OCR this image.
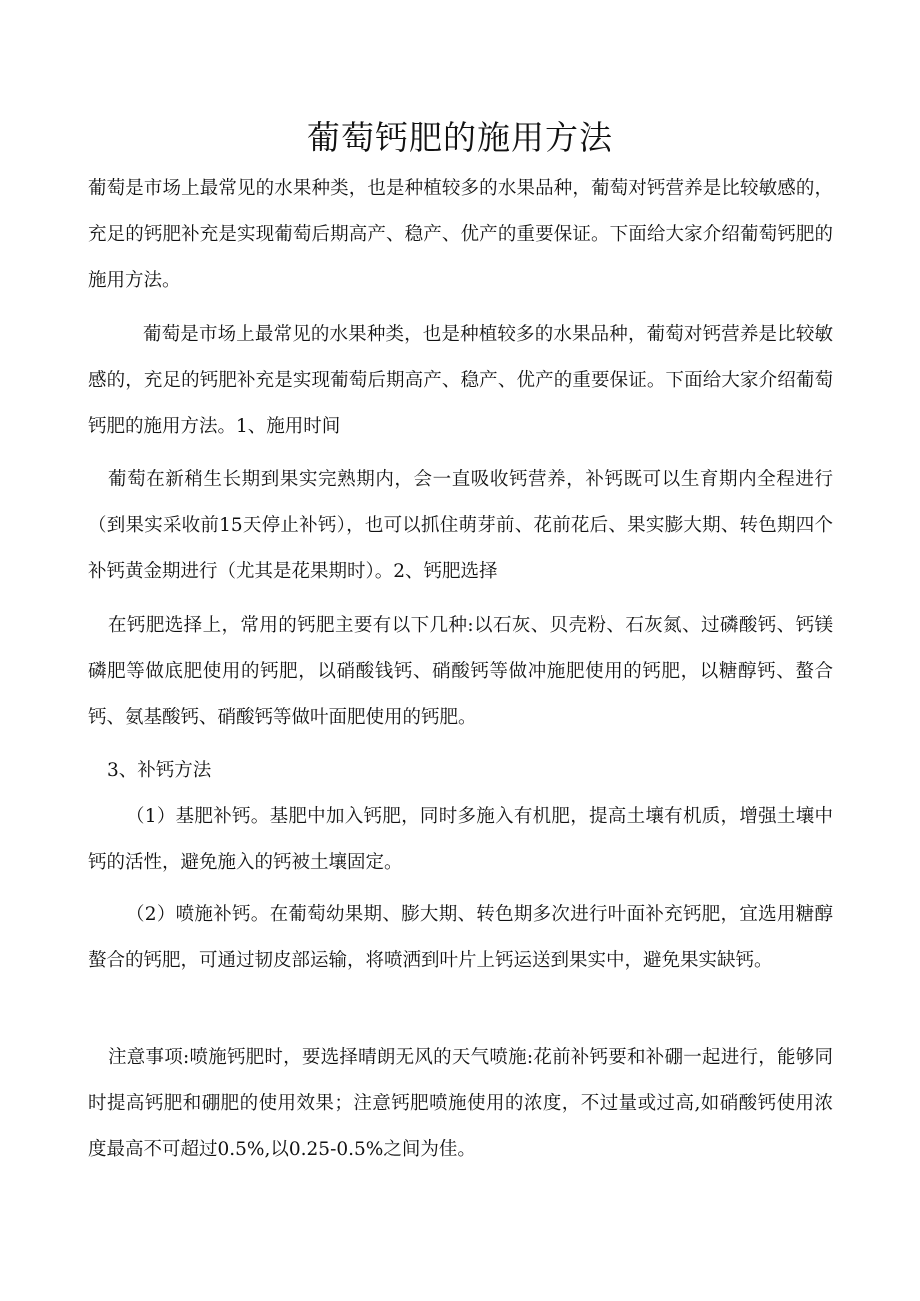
葡萄钙肥的施用方法

葡萄是市场上最常见的水果种类，也是种植较多的水果品种，葡萄对钙营养是比较敏感的，充足的钙肥补充是实现葡萄后期高产、稳产、优产的重要保证。下面给大家介绍葡萄钙肥的施用方法。

葡萄是市场上最常见的水果种类，也是种植较多的水果品种，葡萄对钙营养是比较敏感的，充足的钙肥补充是实现葡萄后期高产、稳产、优产的重要保证。下面给大家介绍葡萄钙肥的施用方法。1、施用时间

葡萄在新稍生长期到果实完熟期内，会一直吸收钙营养，补钙既可以生育期内全程进行（到果实采收前15天停止补钙），也可以抓住萌芽前、花前花后、果实膨大期、转色期四个补钙黄金期进行（尤其是花果期时）。2、钙肥选择

在钙肥选择上，常用的钙肥主要有以下几种:以石灰、贝壳粉、石灰氮、过磷酸钙、钙镁磷肥等做底肥使用的钙肥，以硝酸钱钙、硝酸钙等做冲施肥使用的钙肥，以糖醇钙、螯合钙、氨基酸钙、硝酸钙等做叶面肥使用的钙肥。

3、补钙方法

（1）基肥补钙。基肥中加入钙肥，同时多施入有机肥，提高土壤有机质，增强土壤中钙的活性，避免施入的钙被土壤固定。

（2）喷施补钙。在葡萄幼果期、膨大期、转色期多次进行叶面补充钙肥，宜选用糖醇螯合的钙肥，可通过韧皮部运输，将喷洒到叶片上钙运送到果实中，避免果实缺钙。

注意事项:喷施钙肥时，要选择晴朗无风的天气喷施:花前补钙要和补硼一起进行，能够同时提高钙肥和硼肥的使用效果；注意钙肥喷施使用的浓度，不过量或过高,如硝酸钙使用浓度最高不可超过0.5%,以0.25-0.5%之间为佳。
